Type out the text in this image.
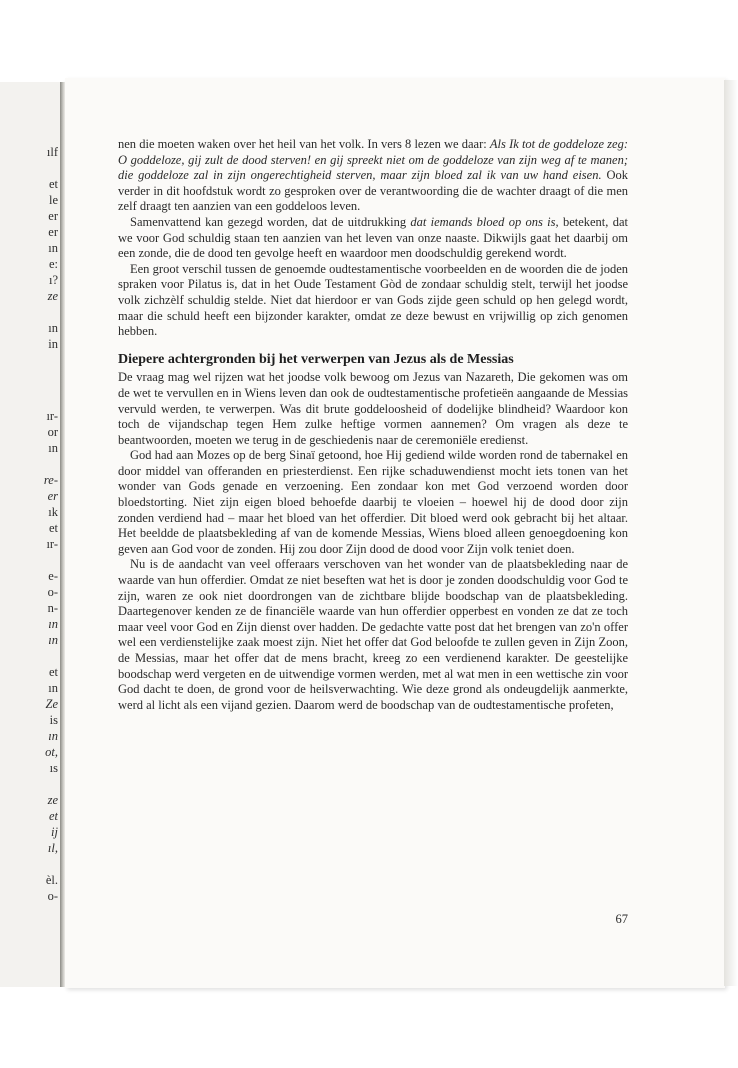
ılf
et
le
er
er
ın
e:
ı?
ze
ın
in
ır-
or
ın
re-
er
ık
et
ır-
e-
o-
n-
ın
ın
et
ın
Ze
is
ın
ot,
ıs
ze
et
ij
ıl,
èl.
o-

nen die moeten waken over het heil van het volk. In vers 8 lezen we daar: Als Ik tot de goddeloze zeg: O goddeloze, gij zult de dood sterven! en gij spreekt niet om de goddeloze van zijn weg af te manen; die goddeloze zal in zijn ongerechtigheid sterven, maar zijn bloed zal ik van uw hand eisen. Ook verder in dit hoofdstuk wordt zo gesproken over de verantwoording die de wachter draagt of die men zelf draagt ten aanzien van een goddeloos leven.

Samenvattend kan gezegd worden, dat de uitdrukking dat iemands bloed op ons is, betekent, dat we voor God schuldig staan ten aanzien van het leven van onze naaste. Dikwijls gaat het daarbij om een zonde, die de dood ten gevolge heeft en waardoor men doodschuldig gerekend wordt.

Een groot verschil tussen de genoemde oudtestamentische voorbeelden en de woorden die de joden spraken voor Pilatus is, dat in het Oude Testament Gòd de zondaar schuldig stelt, terwijl het joodse volk zichzèlf schuldig stelde. Niet dat hierdoor er van Gods zijde geen schuld op hen gelegd wordt, maar die schuld heeft een bijzonder karakter, omdat ze deze bewust en vrijwillig op zich genomen hebben.

Diepere achtergronden bij het verwerpen van Jezus als de Messias

De vraag mag wel rijzen wat het joodse volk bewoog om Jezus van Nazareth, Die gekomen was om de wet te vervullen en in Wiens leven dan ook de oudtestamentische profetieën aangaande de Messias vervuld werden, te verwerpen. Was dit brute goddeloosheid of dodelijke blindheid? Waardoor kon toch de vijandschap tegen Hem zulke heftige vormen aannemen? Om vragen als deze te beantwoorden, moeten we terug in de geschiedenis naar de ceremoniële eredienst.

God had aan Mozes op de berg Sinaï getoond, hoe Hij gediend wilde worden rond de tabernakel en door middel van offeranden en priesterdienst. Een rijke schaduwendienst mocht iets tonen van het wonder van Gods genade en verzoening. Een zondaar kon met God verzoend worden door bloedstorting. Niet zijn eigen bloed behoefde daarbij te vloeien – hoewel hij de dood door zijn zonden verdiend had – maar het bloed van het offerdier. Dit bloed werd ook gebracht bij het altaar. Het beeldde de plaatsbekleding af van de komende Messias, Wiens bloed alleen genoegdoening kon geven aan God voor de zonden. Hij zou door Zijn dood de dood voor Zijn volk teniet doen.

Nu is de aandacht van veel offeraars verschoven van het wonder van de plaatsbekleding naar de waarde van hun offerdier. Omdat ze niet beseften wat het is door je zonden doodschuldig voor God te zijn, waren ze ook niet doordrongen van de zichtbare blijde boodschap van de plaatsbekleding. Daartegenover kenden ze de financiële waarde van hun offerdier opperbest en vonden ze dat ze toch maar veel voor God en Zijn dienst over hadden. De gedachte vatte post dat het brengen van zo'n offer wel een verdienstelijke zaak moest zijn. Niet het offer dat God beloofde te zullen geven in Zijn Zoon, de Messias, maar het offer dat de mens bracht, kreeg zo een verdienend karakter. De geestelijke boodschap werd vergeten en de uitwendige vormen werden, met al wat men in een wettische zin voor God dacht te doen, de grond voor de heilsverwachting. Wie deze grond als ondeugdelijk aanmerkte, werd al licht als een vijand gezien. Daarom werd de boodschap van de oudtestamentische profeten,

67
